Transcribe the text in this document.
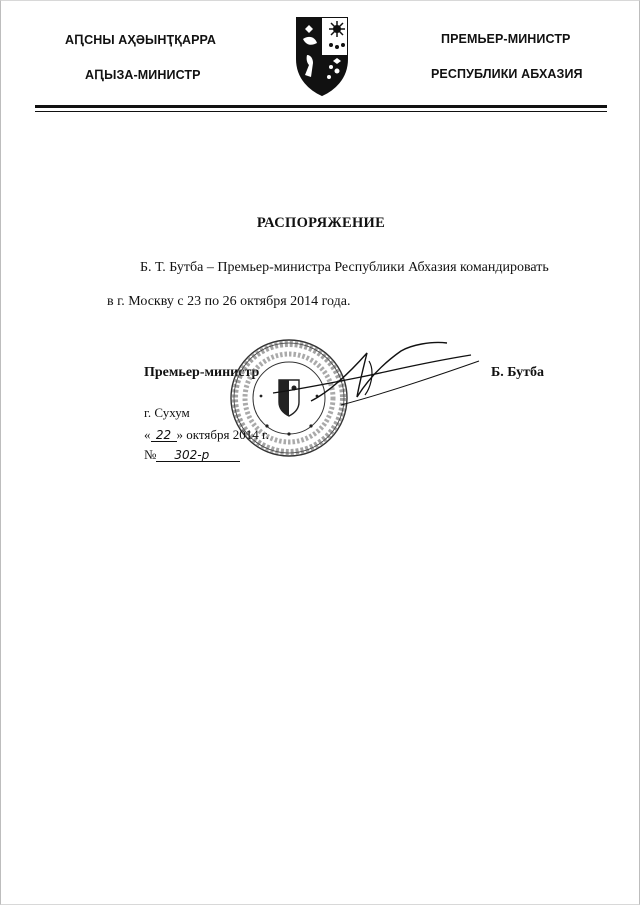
АԤСНЫ АҲӘЫНҬҚАРРА
АԤЫЗА-МИНИСТР
ПРЕМЬЕР-МИНИСТР
РЕСПУБЛИКИ АБХАЗИЯ
РАСПОРЯЖЕНИЕ
Б. Т. Бутба – Премьер-министра Республики Абхазия командировать
в г. Москву с 23 по 26 октября 2014 года.
Премьер-министр	Б. Бутба
г. Сухум
« 22 » октября 2014 г.
№ 302-р
